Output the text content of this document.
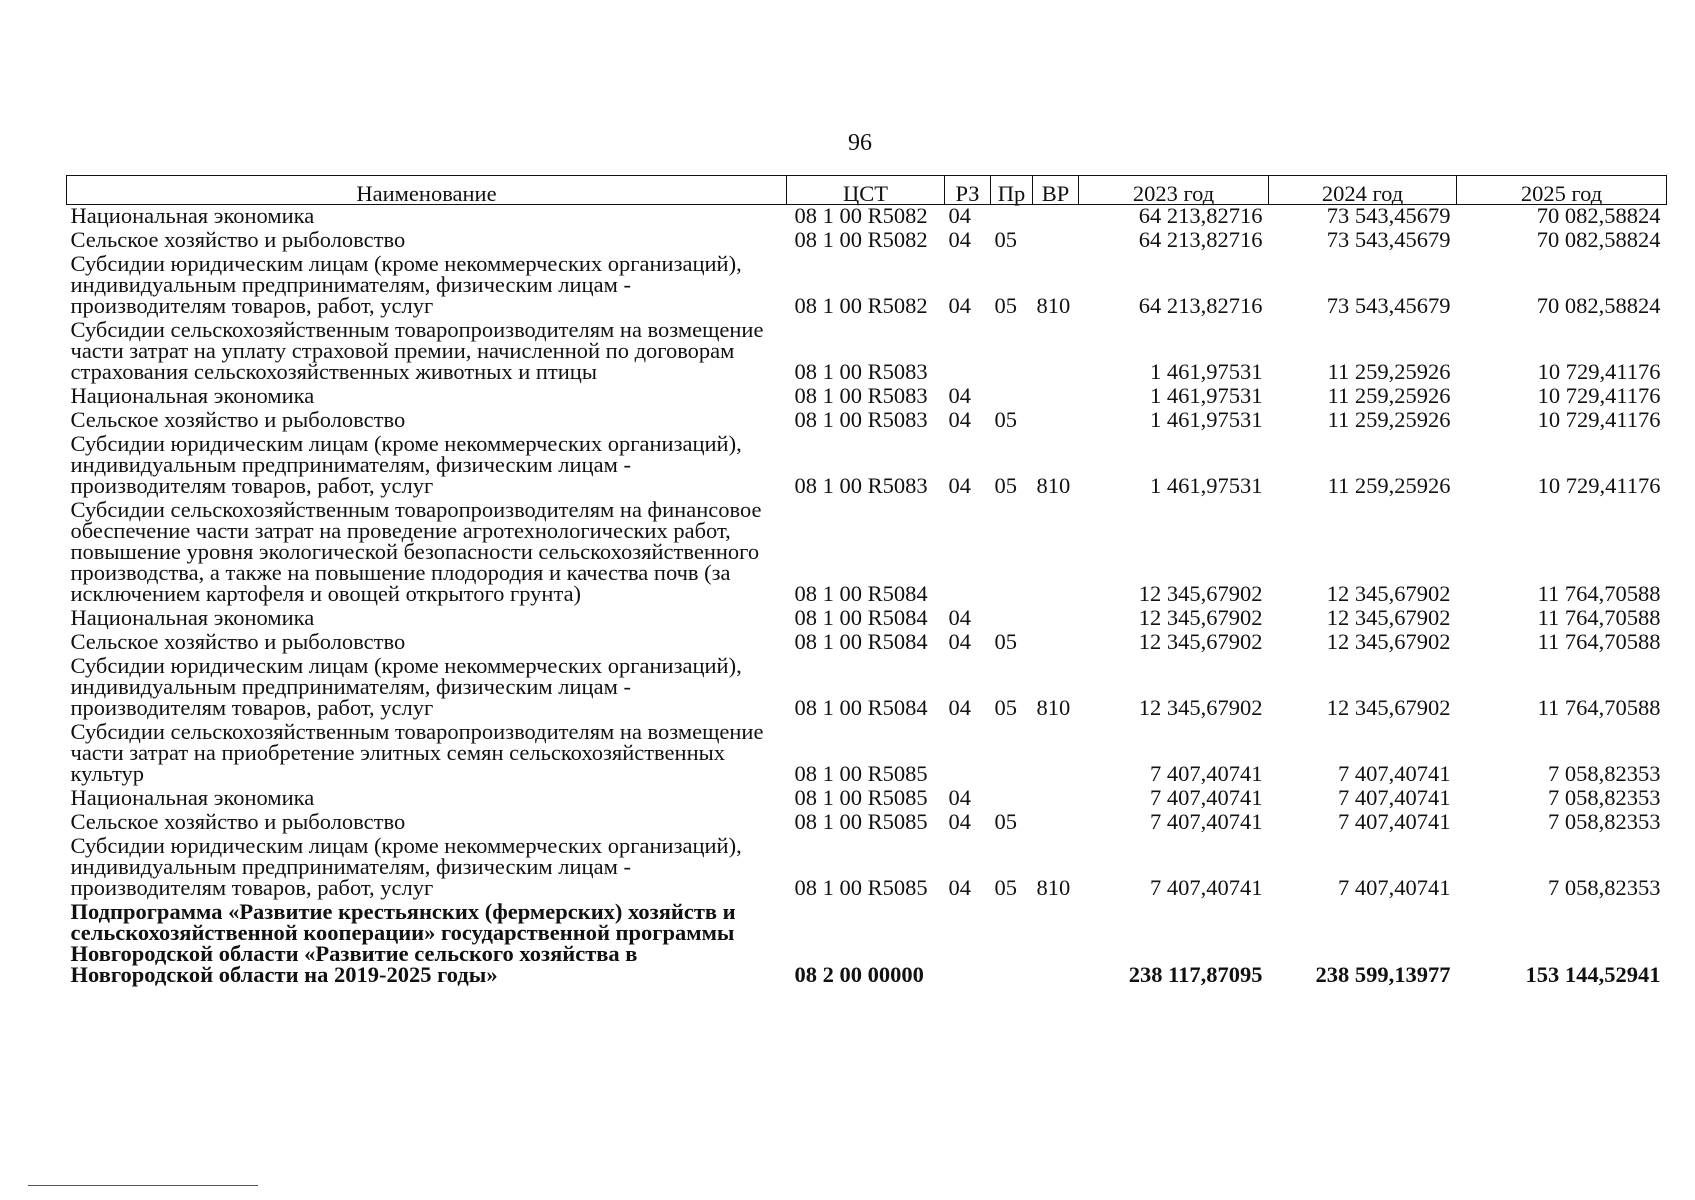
96
Наименование	ЦСТ	РЗ	Пр	ВР	2023 год	2024 год	2025 год
Национальная экономика	08 1 00 R5082	04			64 213,82716	73 543,45679	70 082,58824
Сельское хозяйство и рыболовство	08 1 00 R5082	04	05		64 213,82716	73 543,45679	70 082,58824
Субсидии юридическим лицам (кроме некоммерческих организаций), индивидуальным предпринимателям, физическим лицам - производителям товаров, работ, услуг	08 1 00 R5082	04	05	810	64 213,82716	73 543,45679	70 082,58824
Субсидии сельскохозяйственным товаропроизводителям на возмещение части затрат на уплату страховой премии, начисленной по договорам страхования сельскохозяйственных животных и птицы	08 1 00 R5083				1 461,97531	11 259,25926	10 729,41176
Национальная экономика	08 1 00 R5083	04			1 461,97531	11 259,25926	10 729,41176
Сельское хозяйство и рыболовство	08 1 00 R5083	04	05		1 461,97531	11 259,25926	10 729,41176
Субсидии юридическим лицам (кроме некоммерческих организаций), индивидуальным предпринимателям, физическим лицам - производителям товаров, работ, услуг	08 1 00 R5083	04	05	810	1 461,97531	11 259,25926	10 729,41176
Субсидии сельскохозяйственным товаропроизводителям на финансовое обеспечение части затрат на проведение агротехнологических работ, повышение уровня экологической безопасности сельскохозяйственного производства, а также на повышение плодородия и качества почв (за исключением картофеля и овощей открытого грунта)	08 1 00 R5084				12 345,67902	12 345,67902	11 764,70588
Национальная экономика	08 1 00 R5084	04			12 345,67902	12 345,67902	11 764,70588
Сельское хозяйство и рыболовство	08 1 00 R5084	04	05		12 345,67902	12 345,67902	11 764,70588
Субсидии юридическим лицам (кроме некоммерческих организаций), индивидуальным предпринимателям, физическим лицам - производителям товаров, работ, услуг	08 1 00 R5084	04	05	810	12 345,67902	12 345,67902	11 764,70588
Субсидии сельскохозяйственным товаропроизводителям на возмещение части затрат на приобретение элитных семян сельскохозяйственных культур	08 1 00 R5085				7 407,40741	7 407,40741	7 058,82353
Национальная экономика	08 1 00 R5085	04			7 407,40741	7 407,40741	7 058,82353
Сельское хозяйство и рыболовство	08 1 00 R5085	04	05		7 407,40741	7 407,40741	7 058,82353
Субсидии юридическим лицам (кроме некоммерческих организаций), индивидуальным предпринимателям, физическим лицам - производителям товаров, работ, услуг	08 1 00 R5085	04	05	810	7 407,40741	7 407,40741	7 058,82353
Подпрограмма «Развитие крестьянских (фермерских) хозяйств и сельскохозяйственной кооперации» государственной программы Новгородской области «Развитие сельского хозяйства в Новгородской области на 2019-2025 годы»	08 2 00 00000				238 117,87095	238 599,13977	153 144,52941
